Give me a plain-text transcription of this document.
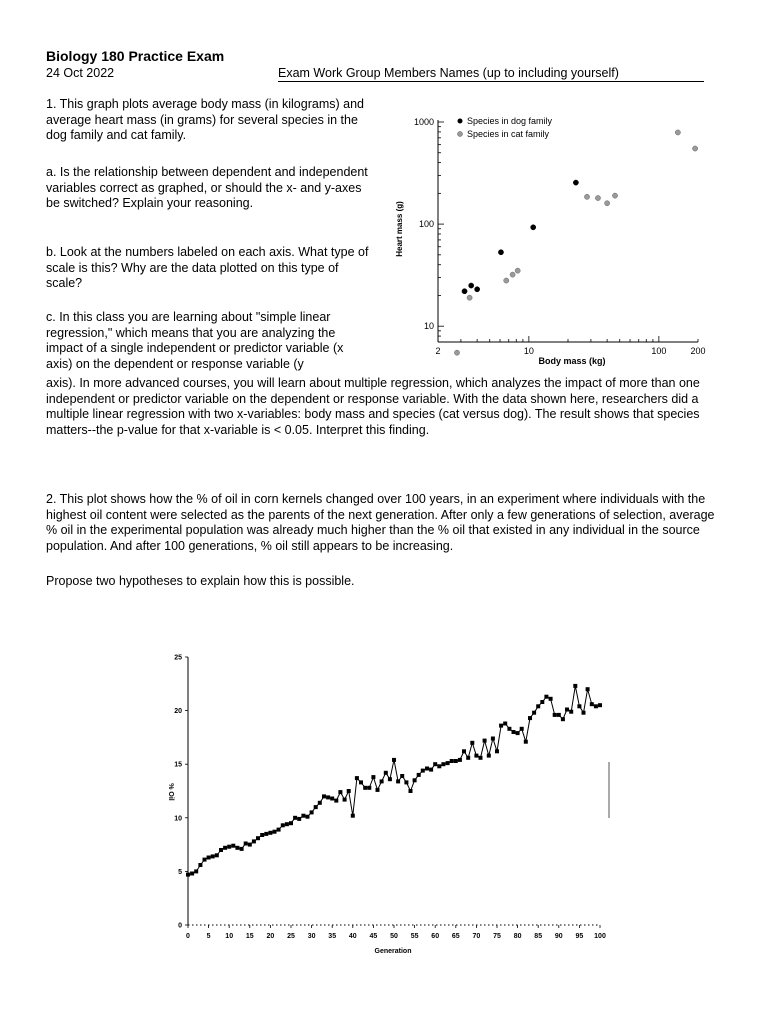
Biology 180 Practice Exam
24 Oct 2022	Exam Work Group Members Names (up to including yourself)

1. This graph plots average body mass (in kilograms) and average heart mass (in grams) for several species in the dog family and cat family.

a. Is the relationship between dependent and independent variables correct as graphed, or should the x- and y-axes be switched? Explain your reasoning.

b. Look at the numbers labeled on each axis. What type of scale is this? Why are the data plotted on this type of scale?

c. In this class you are learning about "simple linear regression," which means that you are analyzing the impact of a single independent or predictor variable (x axis) on the dependent or response variable (y

axis). In more advanced courses, you will learn about multiple regression, which analyzes the impact of more than one independent or predictor variable on the dependent or response variable. With the data shown here, researchers did a multiple linear regression with two x-variables: body mass and species (cat versus dog). The result shows that species matters--the p-value for that x-variable is < 0.05. Interpret this finding.

2. This plot shows how the % of oil in corn kernels changed over 100 years, in an experiment where individuals with the highest oil content were selected as the parents of the next generation. After only a few generations of selection, average % oil in the experimental population was already much higher than the % oil that existed in any individual in the source population. And after 100 generations, % oil still appears to be increasing.

Propose two hypotheses to explain how this is possible.

2	10	100	200
10
100
1000	Species in dog family
Species in cat family
Body mass (kg)
Heart mass (g)
0
5
10
15
20
25
0 5 10 15 20 25 30 35 40 45 50 55 60 65 70 75 80 85 90 95 100
Generation
% Oil
